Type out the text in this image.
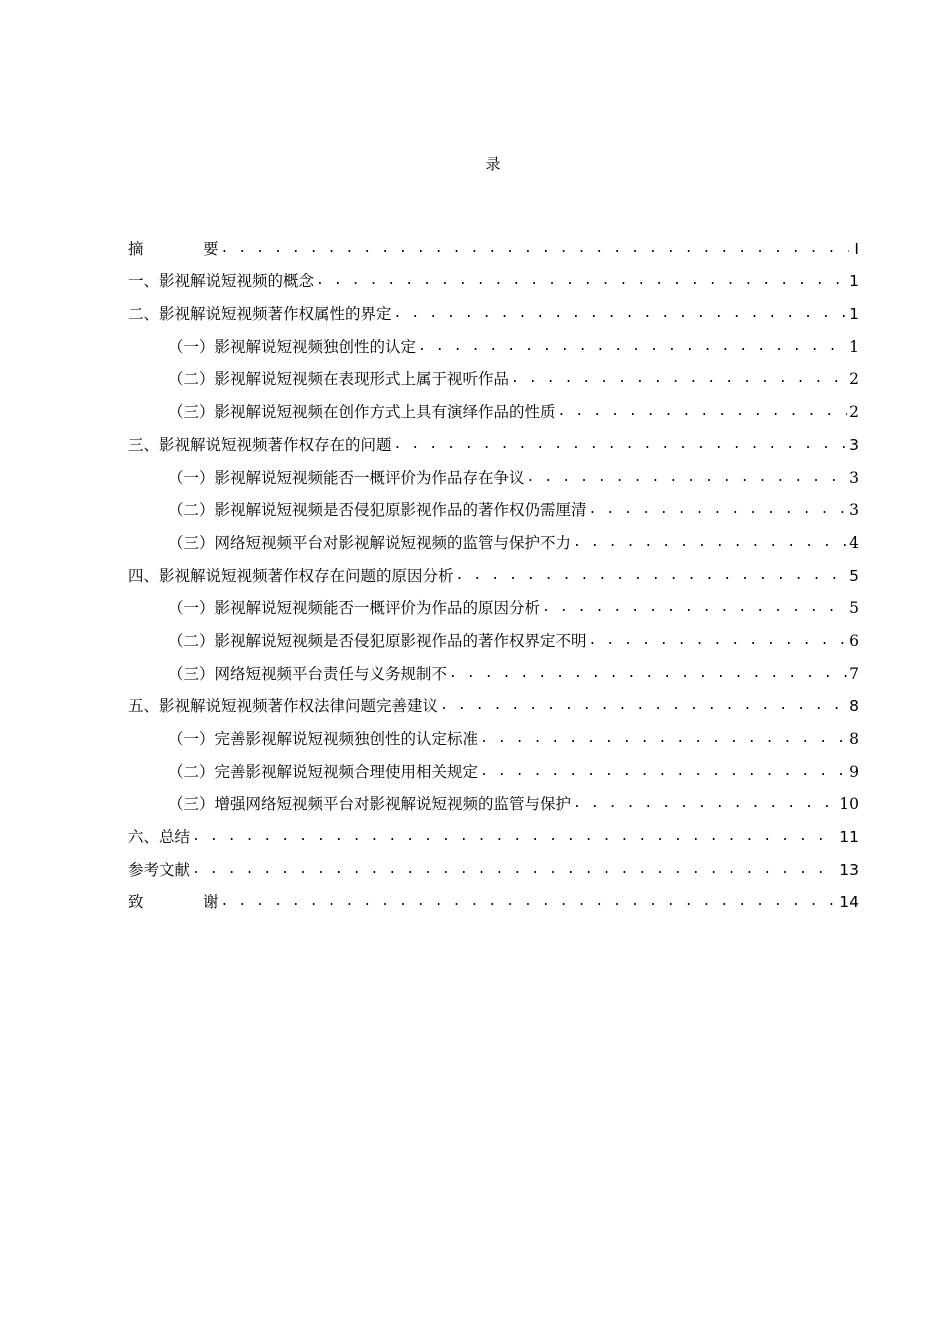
录
摘　要 . . .	I
一、影视解说短视频的概念 . . .	1
二、影视解说短视频著作权属性的界定 . . .	1
（一）影视解说短视频独创性的认定 . . .	1
（二）影视解说短视频在表现形式上属于视听作品 . . .	2
（三）影视解说短视频在创作方式上具有演绎作品的性质 . . .	2
三、影视解说短视频著作权存在的问题 . . .	3
（一）影视解说短视频能否一概评价为作品存在争议 . . .	3
（二）影视解说短视频是否侵犯原影视作品的著作权仍需厘清 . . .	3
（三）网络短视频平台对影视解说短视频的监管与保护不力 . . .	4
四、影视解说短视频著作权存在问题的原因分析 . . .	5
（一）影视解说短视频能否一概评价为作品的原因分析 . . .	5
（二）影视解说短视频是否侵犯原影视作品的著作权界定不明 . . .	6
（三）网络短视频平台责任与义务规制不 . . .	7
五、影视解说短视频著作权法律问题完善建议 . . .	8
（一）完善影视解说短视频独创性的认定标准 . . .	8
（二）完善影视解说短视频合理使用相关规定 . . .	9
（三）增强网络短视频平台对影视解说短视频的监管与保护 . . .	10
六、总结 . . .	11
参考文献 . . .	13
致　谢 . . .	14
